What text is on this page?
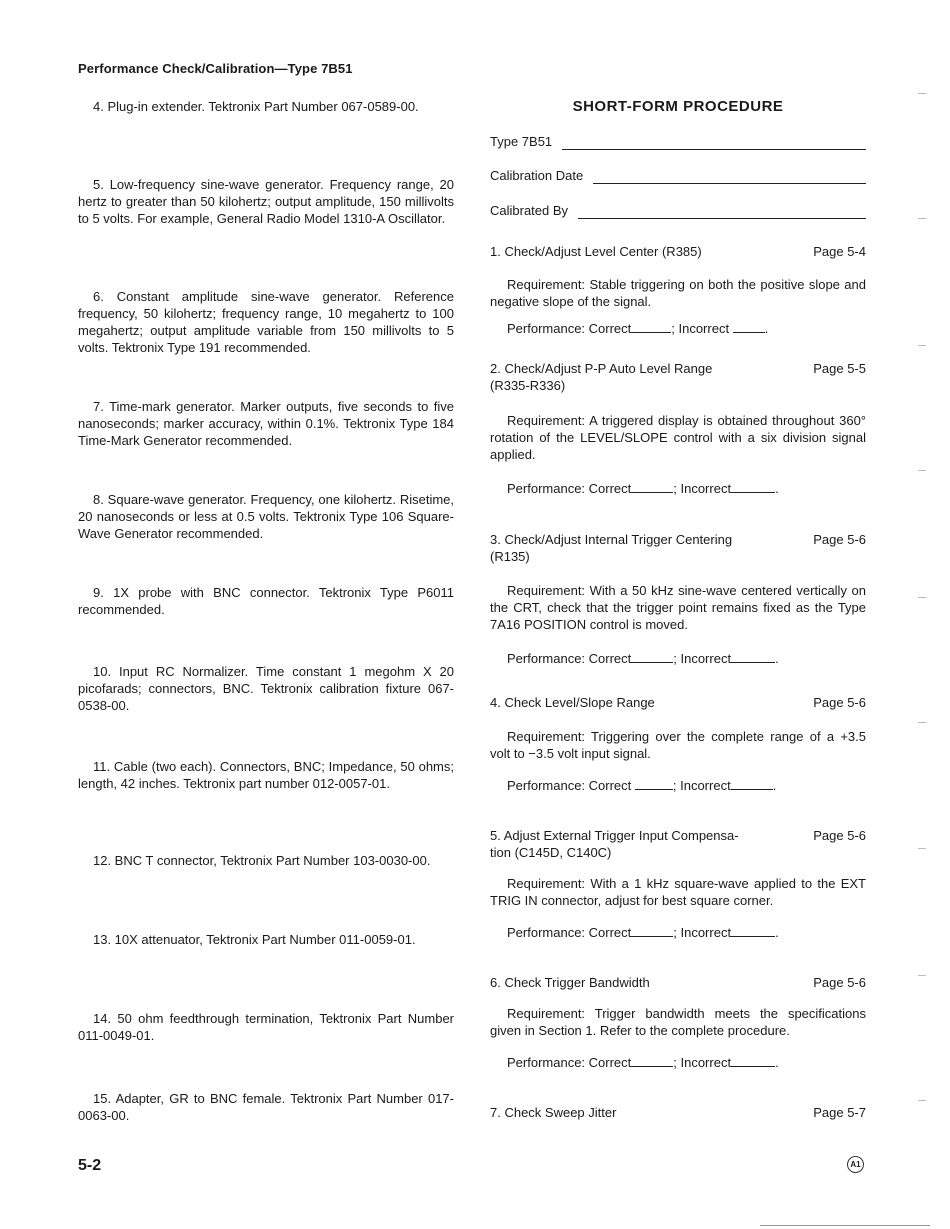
Performance Check/Calibration—Type 7B51

4. Plug-in extender. Tektronix Part Number 067-0589-00.

5. Low-frequency sine-wave generator. Frequency range, 20 hertz to greater than 50 kilohertz; output amplitude, 150 millivolts to 5 volts. For example, General Radio Model 1310-A Oscillator.

6. Constant amplitude sine-wave generator. Reference frequency, 50 kilohertz; frequency range, 10 megahertz to 100 megahertz; output amplitude variable from 150 millivolts to 5 volts. Tektronix Type 191 recommended.

7. Time-mark generator. Marker outputs, five seconds to five nanoseconds; marker accuracy, within 0.1%. Tektronix Type 184 Time-Mark Generator recommended.

8. Square-wave generator. Frequency, one kilohertz. Risetime, 20 nanoseconds or less at 0.5 volts. Tektronix Type 106 Square-Wave Generator recommended.

9. 1X probe with BNC connector. Tektronix Type P6011 recommended.

10. Input RC Normalizer. Time constant 1 megohm X 20 picofarads; connectors, BNC. Tektronix calibration fixture 067-0538-00.

11. Cable (two each). Connectors, BNC; Impedance, 50 ohms; length, 42 inches. Tektronix part number 012-0057-01.

12. BNC T connector, Tektronix Part Number 103-0030-00.

13. 10X attenuator, Tektronix Part Number 011-0059-01.

14. 50 ohm feedthrough termination, Tektronix Part Number 011-0049-01.

15. Adapter, GR to BNC female. Tektronix Part Number 017-0063-00.

SHORT-FORM PROCEDURE
Type 7B51
Calibration Date
Calibrated By
1. Check/Adjust Level Center (R385)	Page 5-4

Requirement: Stable triggering on both the positive slope and negative slope of the signal.

Performance: Correct	; Incorrect	.
2. Check/Adjust P-P Auto Level Range (R335-R336)
Page 5-5

Requirement: A triggered display is obtained throughout 360° rotation of the LEVEL/SLOPE control with a six division signal applied.

Performance: Correct	; Incorrect	.
3. Check/Adjust Internal Trigger Centering (R135)
Page 5-6

Requirement: With a 50 kHz sine-wave centered vertically on the CRT, check that the trigger point remains fixed as the Type 7A16 POSITION control is moved.

Performance: Correct	; Incorrect	.
4. Check Level/Slope Range	Page 5-6

Requirement: Triggering over the complete range of a +3.5 volt to −3.5 volt input signal.

Performance: Correct	; Incorrect	.
5. Adjust External Trigger Input Compensa-tion (C145D, C140C)
Page 5-6

Requirement: With a 1 kHz square-wave applied to the EXT TRIG IN connector, adjust for best square corner.

Performance: Correct	; Incorrect	.
6. Check Trigger Bandwidth	Page 5-6

Requirement: Trigger bandwidth meets the specifications given in Section 1. Refer to the complete procedure.

Performance: Correct	; Incorrect	.
7. Check Sweep Jitter	Page 5-7
5-2	A1
